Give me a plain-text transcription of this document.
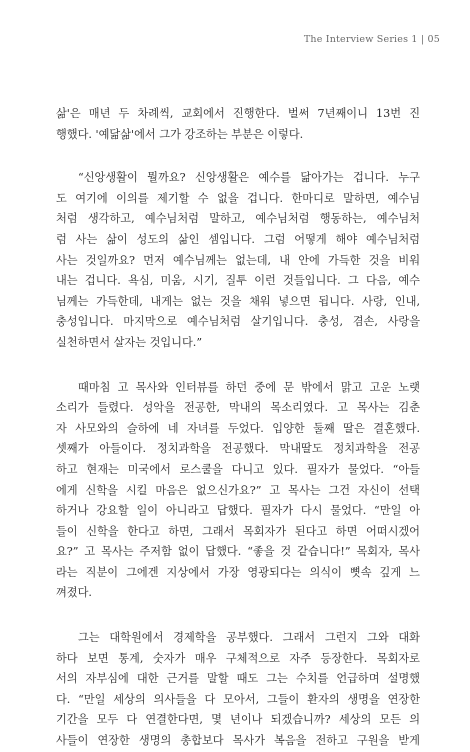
The Interview Series 1 | 05

삶'은 매년 두 차례씩, 교회에서 진행한다. 벌써 7년째이니 13번 진
행했다. '예닮삶'에서 그가 강조하는 부분은 이렇다.

“신앙생활이 뭘까요? 신앙생활은 예수를 닮아가는 겁니다. 누구
도 여기에 이의를 제기할 수 없을 겁니다. 한마디로 말하면, 예수님
처럼 생각하고, 예수님처럼 말하고, 예수님처럼 행동하는, 예수님처
럼 사는 삶이 성도의 삶인 셈입니다. 그럼 어떻게 해야 예수님처럼
사는 것일까요? 먼저 예수님께는 없는데, 내 안에 가득한 것을 비워
내는 겁니다. 욕심, 미움, 시기, 질투 이런 것들입니다. 그 다음, 예수
님께는 가득한데, 내게는 없는 것을 채워 넣으면 됩니다. 사랑, 인내,
충성입니다. 마지막으로 예수님처럼 살기입니다. 충성, 겸손, 사랑을
실천하면서 살자는 것입니다.”

때마침 고 목사와 인터뷰를 하던 중에 문 밖에서 맑고 고운 노랫
소리가 들렸다. 성악을 전공한, 막내의 목소리였다. 고 목사는 김춘
자 사모와의 슬하에 네 자녀를 두었다. 입양한 둘째 딸은 결혼했다.
셋째가 아들이다. 정치과학을 전공했다. 막내딸도 정치과학을 전공
하고 현재는 미국에서 로스쿨을 다니고 있다. 필자가 물었다. “아들
에게 신학을 시킬 마음은 없으신가요?” 고 목사는 그건 자신이 선택
하거나 강요할 일이 아니라고 답했다. 필자가 다시 물었다. “만일 아
들이 신학을 한다고 하면, 그래서 목회자가 된다고 하면 어떠시겠어
요?” 고 목사는 주저함 없이 답했다. “좋을 것 같습니다!” 목회자, 목사
라는 직분이 그에겐 지상에서 가장 영광되다는 의식이 뼛속 깊게 느
껴졌다.

그는 대학원에서 경제학을 공부했다. 그래서 그런지 그와 대화
하다 보면 통계, 숫자가 매우 구체적으로 자주 등장한다. 목회자로
서의 자부심에 대한 근거를 말할 때도 그는 수치를 언급하며 설명했
다. “만일 세상의 의사들을 다 모아서, 그들이 환자의 생명을 연장한
기간을 모두 다 연결한다면, 몇 년이나 되겠습니까? 세상의 모든 의
사들이 연장한 생명의 총합보다 목사가 복음을 전하고 구원을 받게
